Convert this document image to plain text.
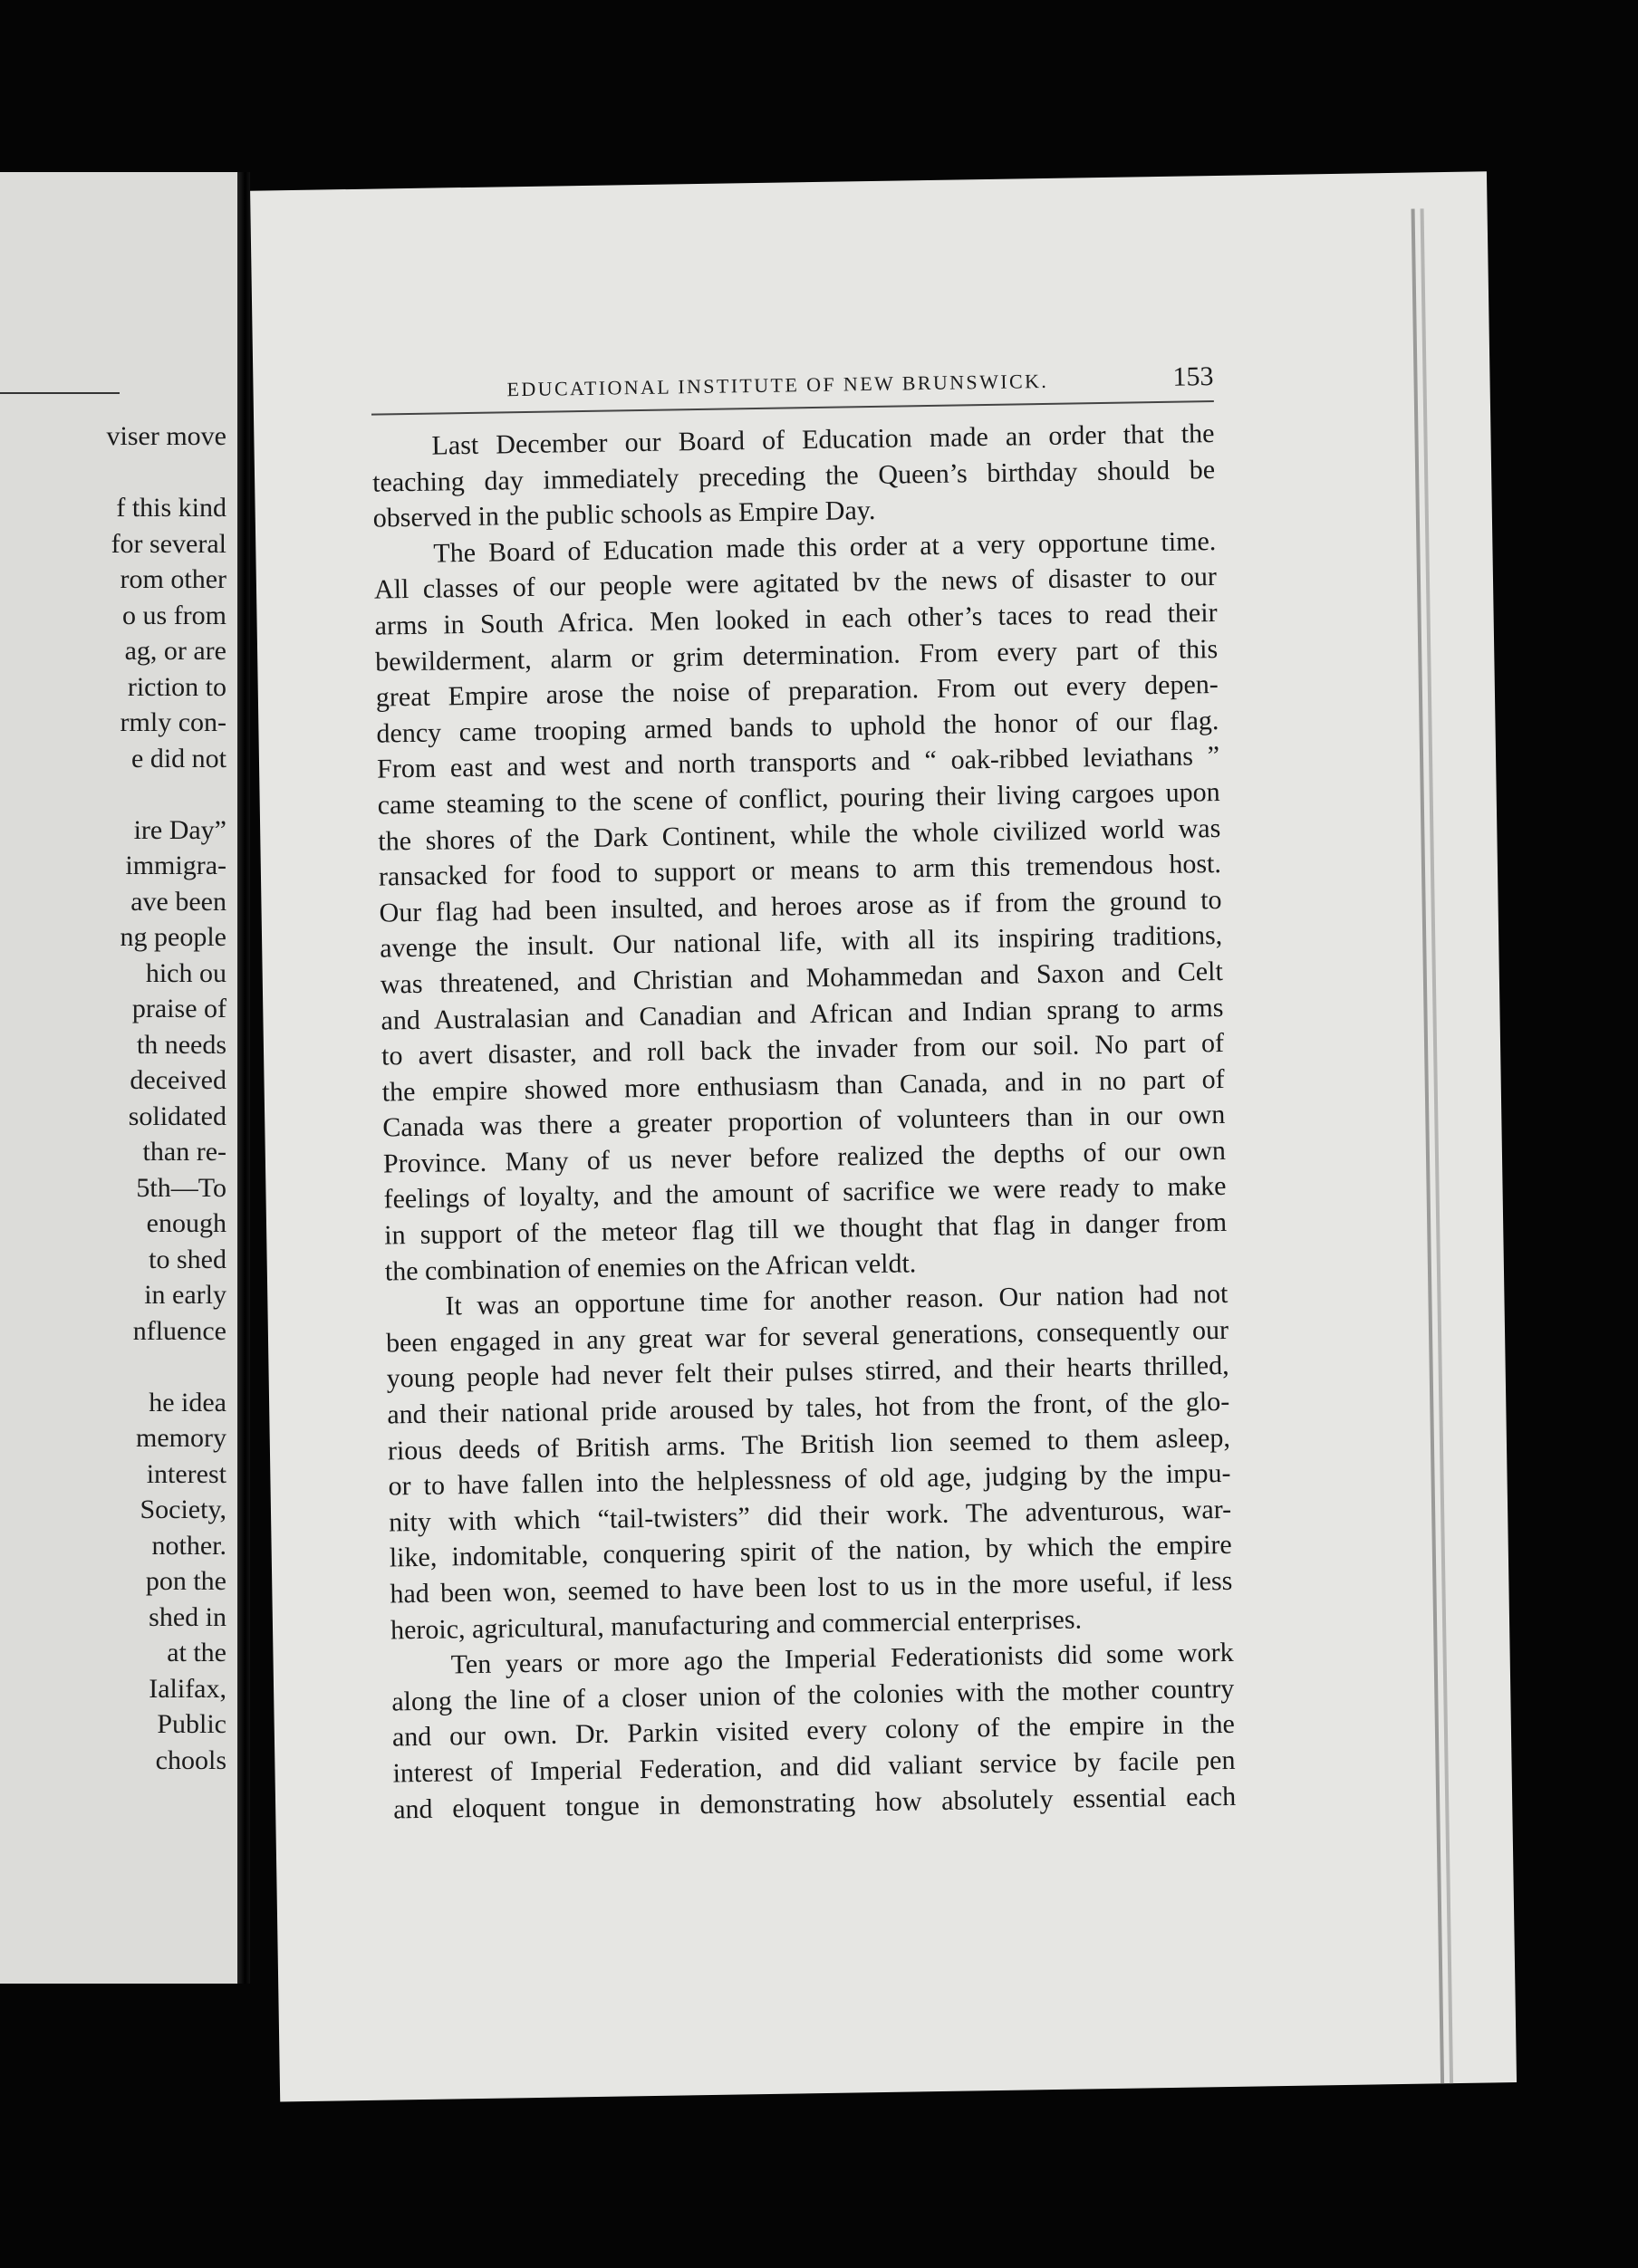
viser move
f this kind
for several
rom other
o us from
ag, or are
riction to
rmly con-
e did not
ire Day”
immigra-
ave been
ng people
hich ou
praise of
th needs
deceived
solidated
than re-
5th—To
enough
to shed
in early
nfluence
he idea
memory
interest
Society,
nother.
pon the
shed in
at the
Ialifax,
Public
chools
EDUCATIONAL INSTITUTE OF NEW BRUNSWICK.	153
Last December our Board of Education made an order that the
teaching day immediately preceding the Queen’s birthday should be
observed in the public schools as Empire Day.
The Board of Education made this order at a very opportune time.
All classes of our people were agitated bv the news of disaster to our
arms in South Africa. Men looked in each other’s taces to read their
bewilderment, alarm or grim determination. From every part of this
great Empire arose the noise of preparation. From out every depen-
dency came trooping armed bands to uphold the honor of our flag.
From east and west and north transports and “ oak-ribbed leviathans ”
came steaming to the scene of conflict, pouring their living cargoes upon
the shores of the Dark Continent, while the whole civilized world was
ransacked for food to support or means to arm this tremendous host.
Our flag had been insulted, and heroes arose as if from the ground to
avenge the insult. Our national life, with all its inspiring traditions,
was threatened, and Christian and Mohammedan and Saxon and Celt
and Australasian and Canadian and African and Indian sprang to arms
to avert disaster, and roll back the invader from our soil. No part of
the empire showed more enthusiasm than Canada, and in no part of
Canada was there a greater proportion of volunteers than in our own
Province. Many of us never before realized the depths of our own
feelings of loyalty, and the amount of sacrifice we were ready to make
in support of the meteor flag till we thought that flag in danger from
the combination of enemies on the African veldt.
It was an opportune time for another reason. Our nation had not
been engaged in any great war for several generations, consequently our
young people had never felt their pulses stirred, and their hearts thrilled,
and their national pride aroused by tales, hot from the front, of the glo-
rious deeds of British arms. The British lion seemed to them asleep,
or to have fallen into the helplessness of old age, judging by the impu-
nity with which “tail-twisters” did their work. The adventurous, war-
like, indomitable, conquering spirit of the nation, by which the empire
had been won, seemed to have been lost to us in the more useful, if less
heroic, agricultural, manufacturing and commercial enterprises.
Ten years or more ago the Imperial Federationists did some work
along the line of a closer union of the colonies with the mother country
and our own. Dr. Parkin visited every colony of the empire in the
interest of Imperial Federation, and did valiant service by facile pen
and eloquent tongue in demonstrating how absolutely essential each
